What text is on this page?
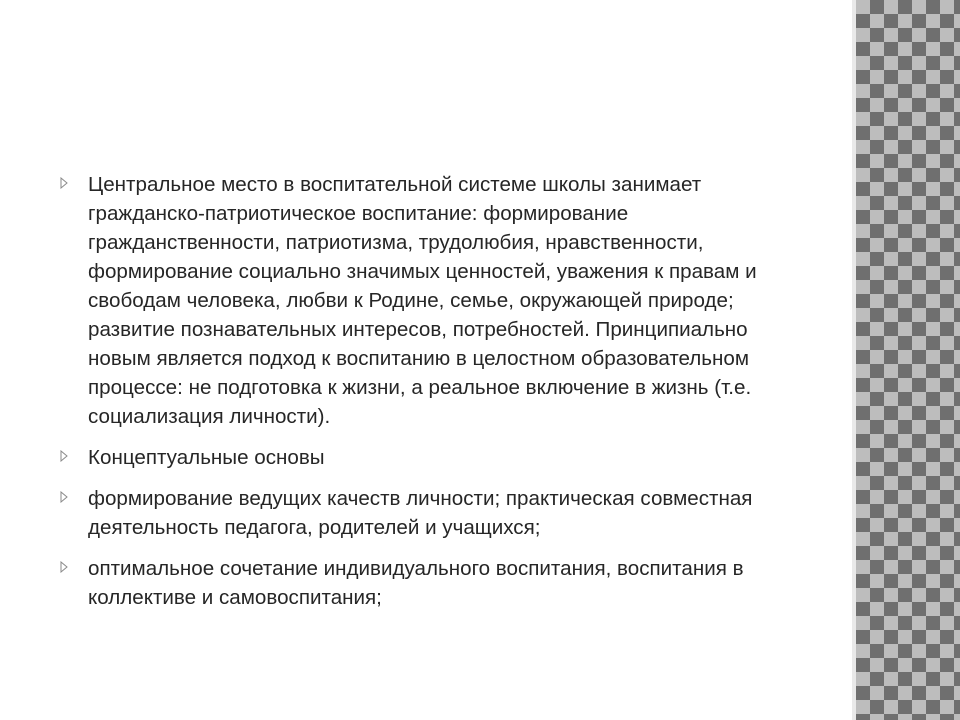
Центральное место в воспитательной системе школы занимает гражданско-патриотическое воспитание: формирование гражданственности, патриотизма, трудолюбия, нравственности, формирование социально значимых ценностей, уважения к правам и свободам человека, любви к Родине, семье, окружающей природе; развитие познавательных интересов, потребностей. Принципиально новым является подход к воспитанию в целостном образовательном процессе: не подготовка к жизни, а реальное включение в жизнь (т.е. социализация личности).
Концептуальные основы
формирование ведущих качеств личности; практическая совместная деятельность педагога, родителей и учащихся;
оптимальное сочетание индивидуального воспитания, воспитания в коллективе и самовоспитания;
